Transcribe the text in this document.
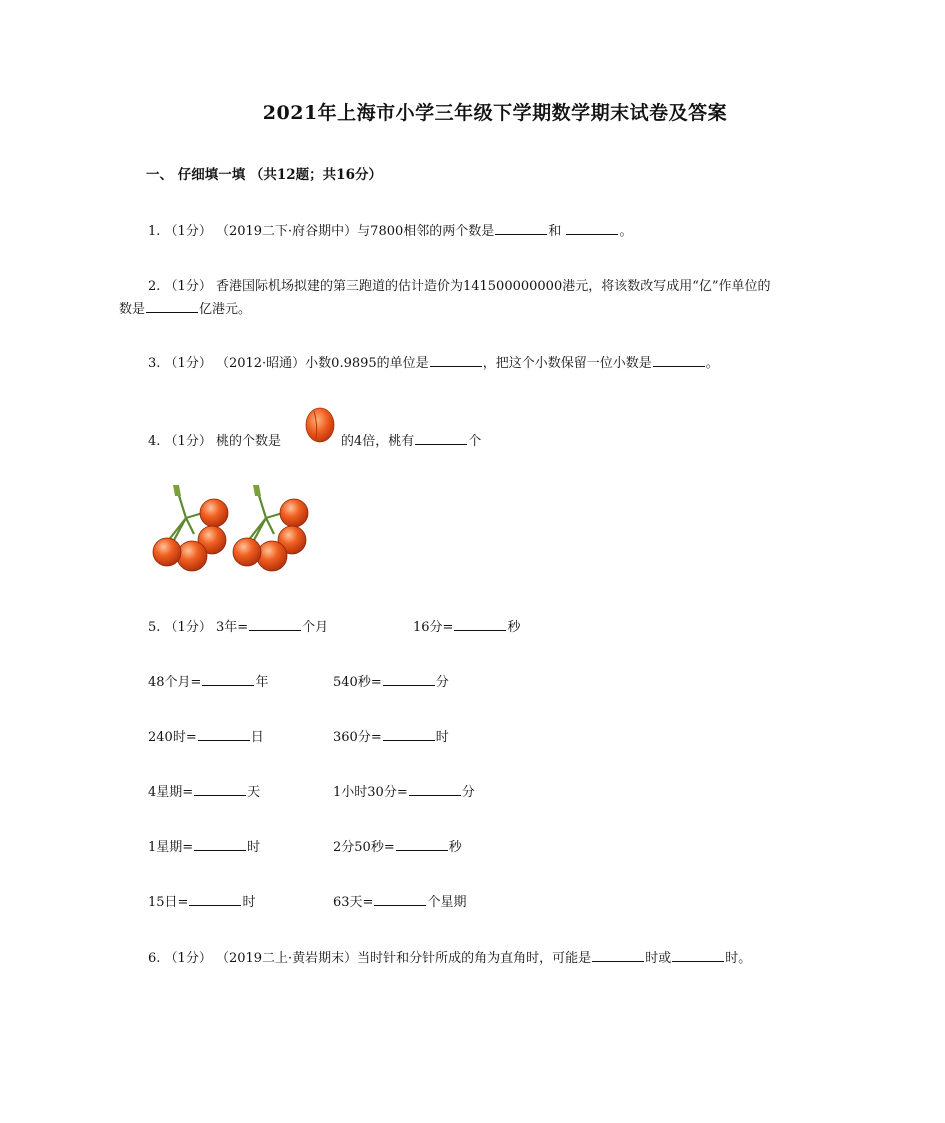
2021年上海市小学三年级下学期数学期末试卷及答案
一、 仔细填一填 （共12题；共16分）
1. （1分） （2019二下·府谷期中）与7800相邻的两个数是	和	。
2. （1分） 香港国际机场拟建的第三跑道的估计造价为141500000000港元，将该数改写成用“亿”作单位的
数是	亿港元。
3. （1分） （2012·昭通）小数0.9895的单位是	，把这个小数保留一位小数是	。
4. （1分） 桃的个数是	的4倍，桃有	个
5. （1分） 3年=	个月	16分=	秒
48个月=	年	540秒=	分
240时=	日	360分=	时
4星期=	天	1小时30分=	分
1星期=	时	2分50秒=	秒
15日=	时	63天=	个星期
6. （1分） （2019二上·黄岩期末）当时针和分针所成的角为直角时，可能是	时或	时。
